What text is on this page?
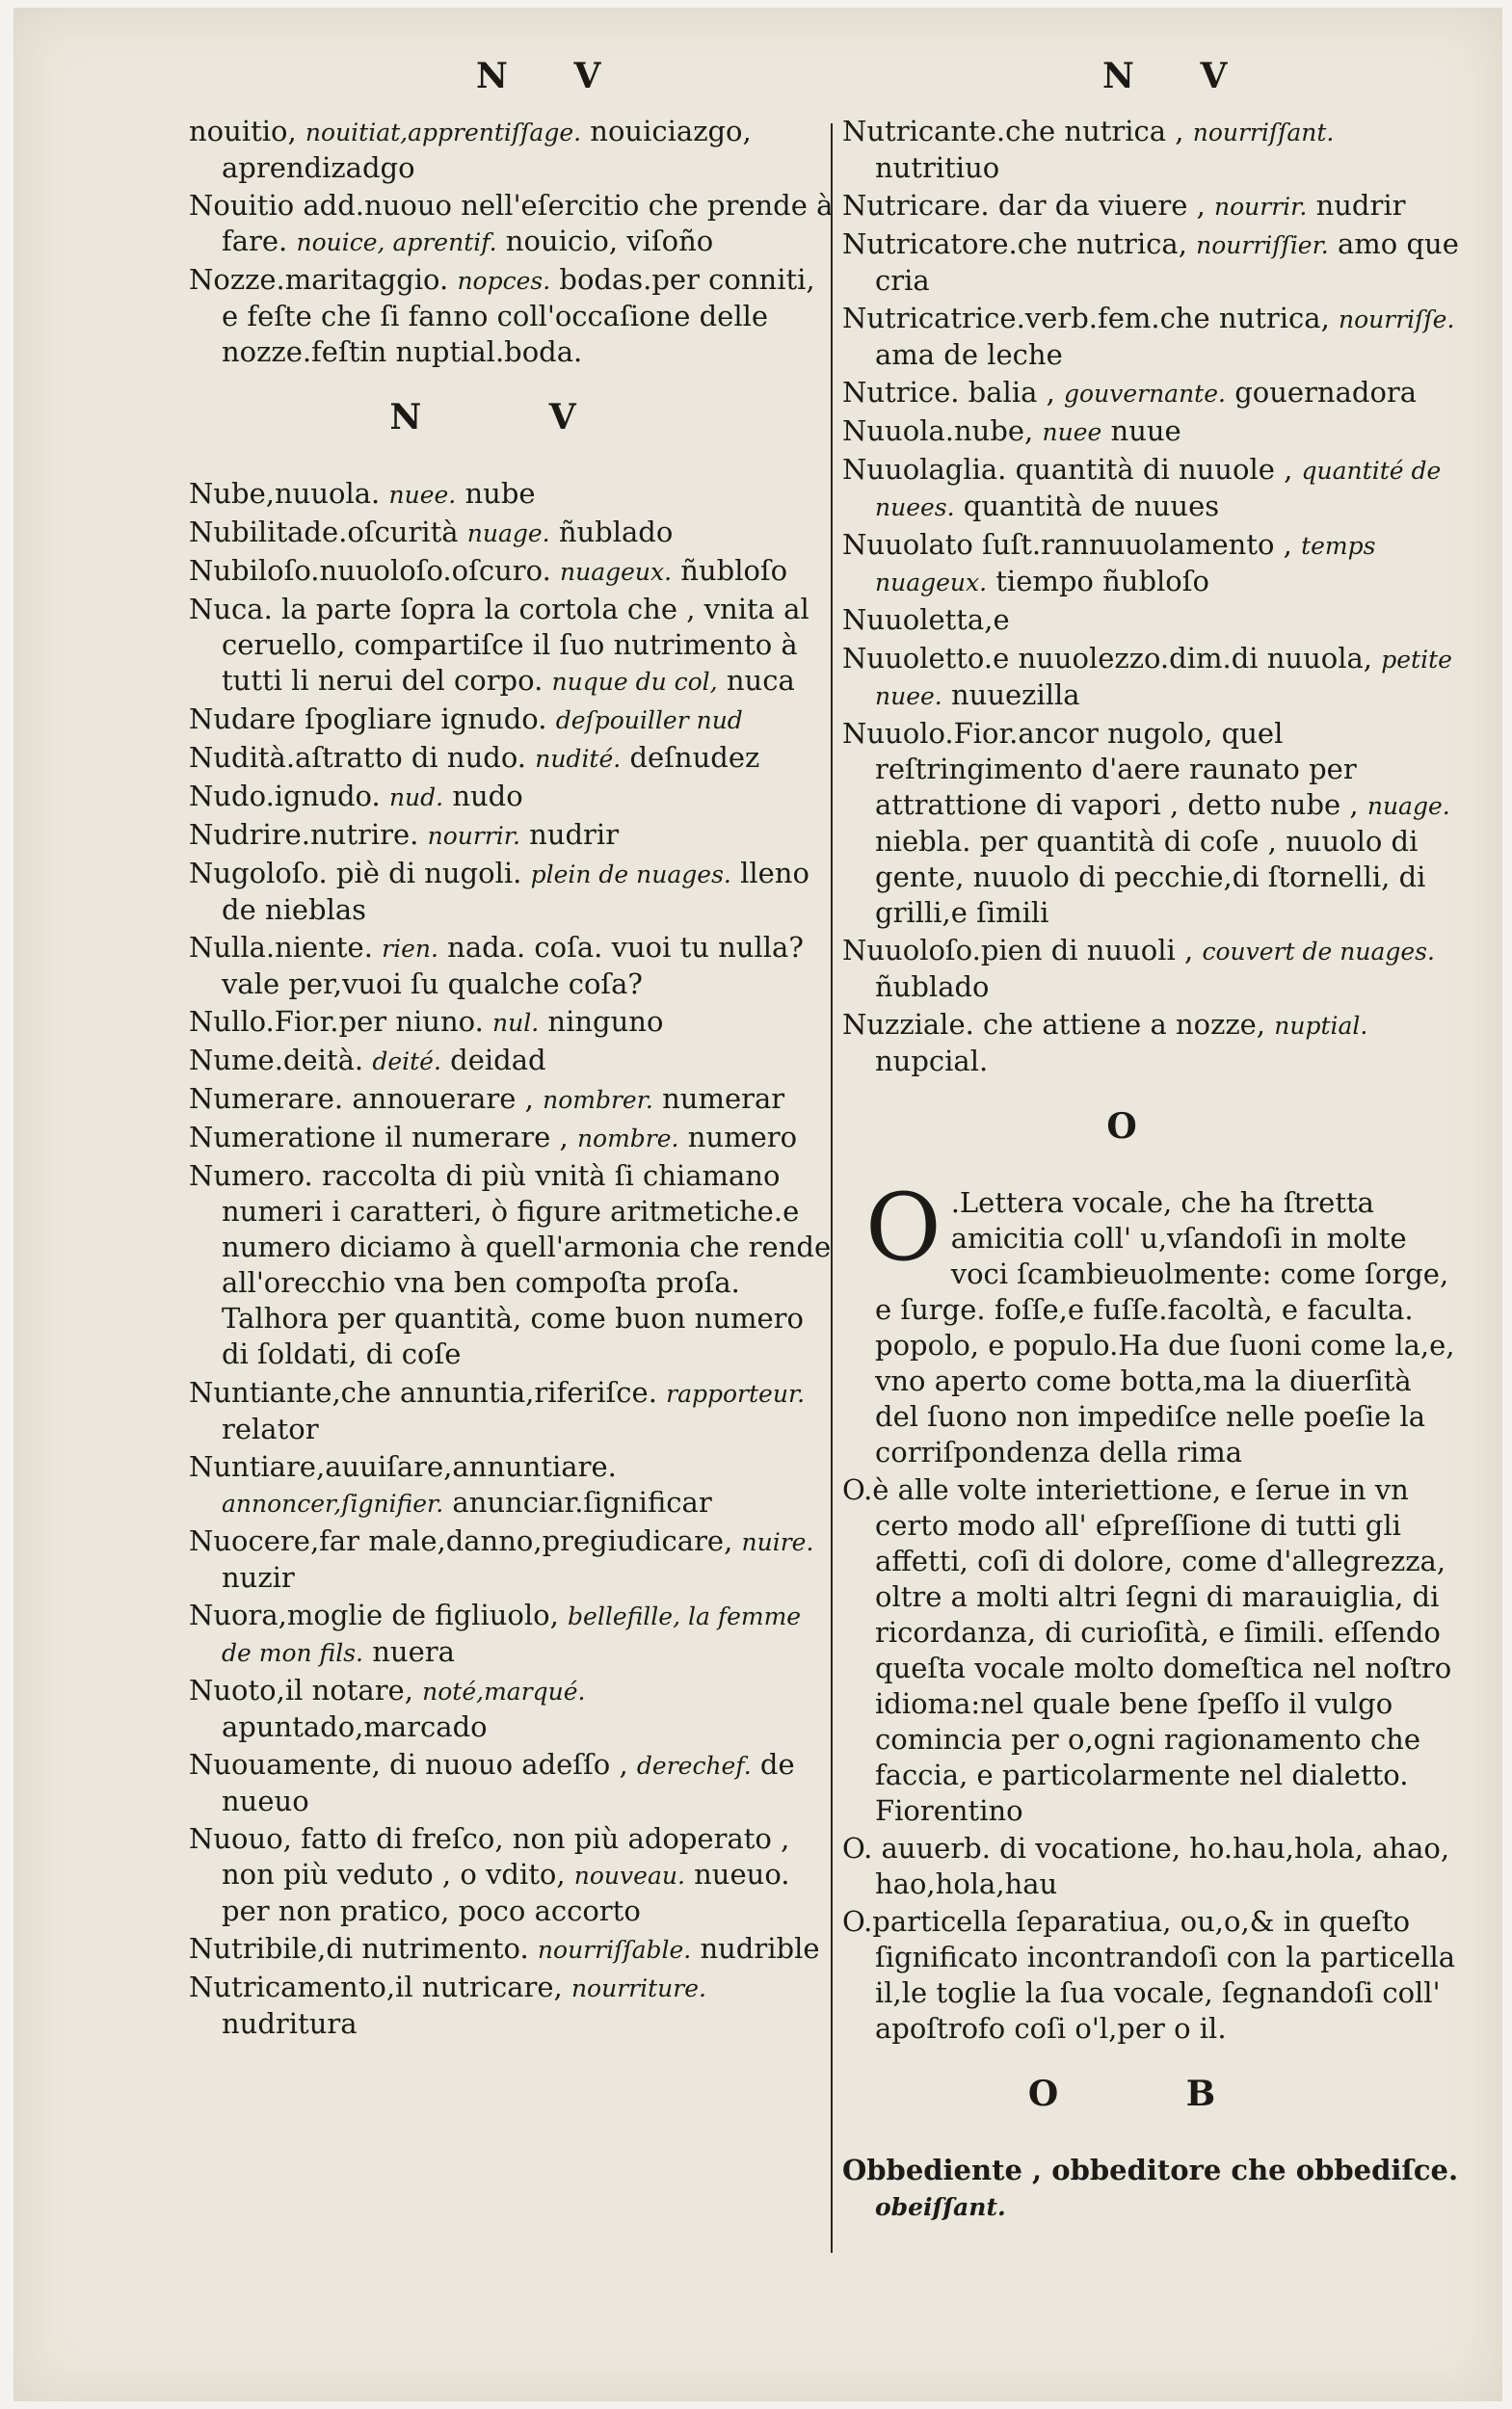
N V	N V
nouitio, nouitiat,apprentiſſage. nouiciazgo, aprendizadgo
Nouitio add.nuouo nell'eſercitio che prende à fare. nouice, aprentif. nouicio, viſoño
Nozze.maritaggio. nopces. bodas.per conniti, e feſte che ſi fanno coll'occaſione delle nozze.feſtin nuptial.boda.
N V
Nube,nuuola. nuee. nube
Nubilitade.oſcurità nuage. ñublado
Nubiloſo.nuuoloſo.oſcuro. nuageux. ñubloſo
Nuca. la parte ſopra la cortola che , vnita al ceruello, compartiſce il ſuo nutrimento à tutti li nerui del corpo. nuque du col, nuca
Nudare ſpogliare ignudo. deſpouiller nud
Nudità.aſtratto di nudo. nudité. deſnudez
Nudo.ignudo. nud. nudo
Nudrire.nutrire. nourrir. nudrir
Nugoloſo. piè di nugoli. plein de nuages. lleno de nieblas
Nulla.niente. rien. nada. coſa. vuoi tu nulla? vale per,vuoi ſu qualche coſa?
Nullo.Fior.per niuno. nul. ninguno
Nume.deità. deité. deidad
Numerare. annouerare , nombrer. numerar
Numeratione il numerare , nombre. numero
Numero. raccolta di più vnità ſi chiamano numeri i caratteri, ò figure aritmetiche.e numero diciamo à quell'armonia che rende all'orecchio vna ben compoſta proſa. Talhora per quantità, come buon numero di ſoldati, di coſe
Nuntiante,che annuntia,riferiſce. rapporteur. relator
Nuntiare,auuiſare,annuntiare. annoncer,ſignifier. anunciar.ſignificar
Nuocere,far male,danno,pregiudicare, nuire. nuzir
Nuora,moglie de figliuolo, bellefille, la femme de mon fils. nuera
Nuoto,il notare, noté,marqué. apuntado,marcado
Nuouamente, di nuouo adeſſo , derechef. de nueuo
Nuouo, fatto di freſco, non più adoperato , non più veduto , o vdito, nouveau. nueuo. per non pratico, poco accorto
Nutribile,di nutrimento. nourriſſable. nudrible
Nutricamento,il nutricare, nourriture. nudritura
Nutricante.che nutrica , nourriſſant. nutritiuo
Nutricare. dar da viuere , nourrir. nudrir
Nutricatore.che nutrica, nourriſſier. amo que cria
Nutricatrice.verb.fem.che nutrica, nourriſſe. ama de leche
Nutrice. balia , gouvernante. gouernadora
Nuuola.nube, nuee nuue
Nuuolaglia. quantità di nuuole , quantité de nuees. quantità de nuues
Nuuolato ſuſt.rannuuolamento , temps nuageux. tiempo ñubloſo
Nuuoletta,e
Nuuoletto.e nuuolezzo.dim.di nuuola, petite nuee. nuuezilla
Nuuolo.Fior.ancor nugolo, quel reſtringimento d'aere raunato per attrattione di vapori , detto nube , nuage. niebla. per quantità di coſe , nuuolo di gente, nuuolo di pecchie,di ſtornelli, di grilli,e ſimili
Nuuoloſo.pien di nuuoli , couvert de nuages. ñublado
Nuzziale. che attiene a nozze, nuptial. nupcial.
O
O .Lettera vocale, che ha ſtretta amicitia coll' u,vſandoſi in molte voci ſcambieuolmente: come ſorge, e ſurge. foſſe,e fuſſe.facoltà, e faculta. popolo, e populo.Ha due ſuoni come la,e, vno aperto come botta,ma la diuerſità del ſuono non impediſce nelle poeſie la corriſpondenza della rima
O.è alle volte interiettione, e ſerue in vn certo modo all' eſpreſſione di tutti gli affetti, coſi di dolore, come d'allegrezza, oltre a molti altri ſegni di marauiglia, di ricordanza, di curioſità, e ſimili. eſſendo queſta vocale molto domeſtica nel noſtro idioma:nel quale bene ſpeſſo il vulgo comincia per o,ogni ragionamento che faccia, e particolarmente nel dialetto. Fiorentino
O. auuerb. di vocatione, ho.hau,hola, ahao, hao,hola,hau
O.particella ſeparatiua, ou,o,& in queſto ſignificato incontrandoſi con la particella il,le toglie la ſua vocale, ſegnandoſi coll' apoſtrofo coſi o'l,per o il.
O B
Obbediente , obbeditore che obbediſce. obeiſſant.
